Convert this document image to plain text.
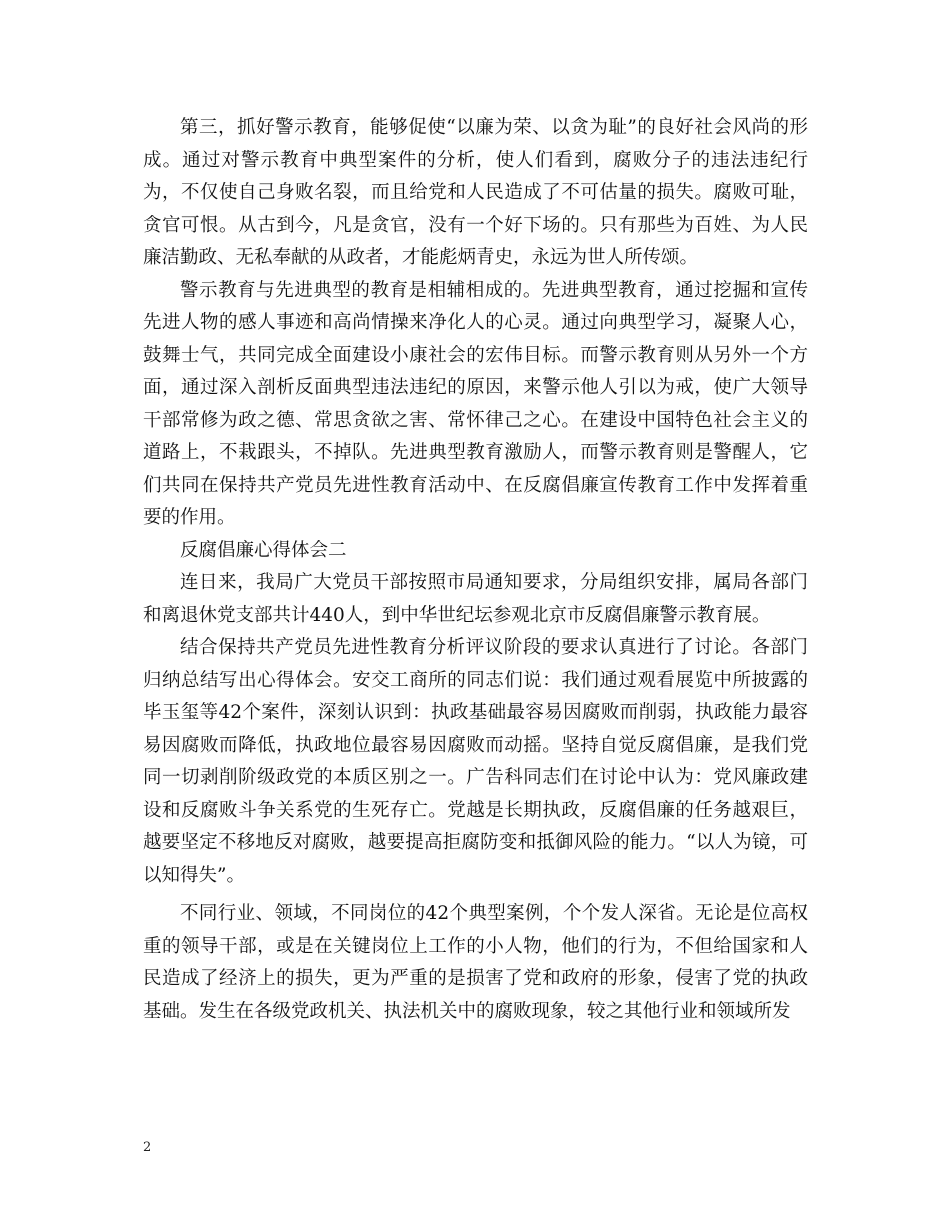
第三，抓好警示教育，能够促使“以廉为荣、以贪为耻”的良好社会风尚的形成。通过对警示教育中典型案件的分析，使人们看到，腐败分子的违法违纪行为，不仅使自己身败名裂，而且给党和人民造成了不可估量的损失。腐败可耻，贪官可恨。从古到今，凡是贪官，没有一个好下场的。只有那些为百姓、为人民廉洁勤政、无私奉献的从政者，才能彪炳青史，永远为世人所传颂。

警示教育与先进典型的教育是相辅相成的。先进典型教育，通过挖掘和宣传先进人物的感人事迹和高尚情操来净化人的心灵。通过向典型学习，凝聚人心，鼓舞士气，共同完成全面建设小康社会的宏伟目标。而警示教育则从另外一个方面，通过深入剖析反面典型违法违纪的原因，来警示他人引以为戒，使广大领导干部常修为政之德、常思贪欲之害、常怀律己之心。在建设中国特色社会主义的道路上，不栽跟头，不掉队。先进典型教育激励人，而警示教育则是警醒人，它们共同在保持共产党员先进性教育活动中、在反腐倡廉宣传教育工作中发挥着重要的作用。

反腐倡廉心得体会二

连日来，我局广大党员干部按照市局通知要求，分局组织安排，属局各部门和离退休党支部共计440人，到中华世纪坛参观北京市反腐倡廉警示教育展。

结合保持共产党员先进性教育分析评议阶段的要求认真进行了讨论。各部门归纳总结写出心得体会。安交工商所的同志们说：我们通过观看展览中所披露的毕玉玺等42个案件，深刻认识到：执政基础最容易因腐败而削弱，执政能力最容易因腐败而降低，执政地位最容易因腐败而动摇。坚持自觉反腐倡廉，是我们党同一切剥削阶级政党的本质区别之一。广告科同志们在讨论中认为：党风廉政建设和反腐败斗争关系党的生死存亡。党越是长期执政，反腐倡廉的任务越艰巨，越要坚定不移地反对腐败，越要提高拒腐防变和抵御风险的能力。“以人为镜，可以知得失”。

不同行业、领域，不同岗位的42个典型案例，个个发人深省。无论是位高权重的领导干部，或是在关键岗位上工作的小人物，他们的行为，不但给国家和人民造成了经济上的损失，更为严重的是损害了党和政府的形象，侵害了党的执政基础。发生在各级党政机关、执法机关中的腐败现象，较之其他行业和领域所发

2
